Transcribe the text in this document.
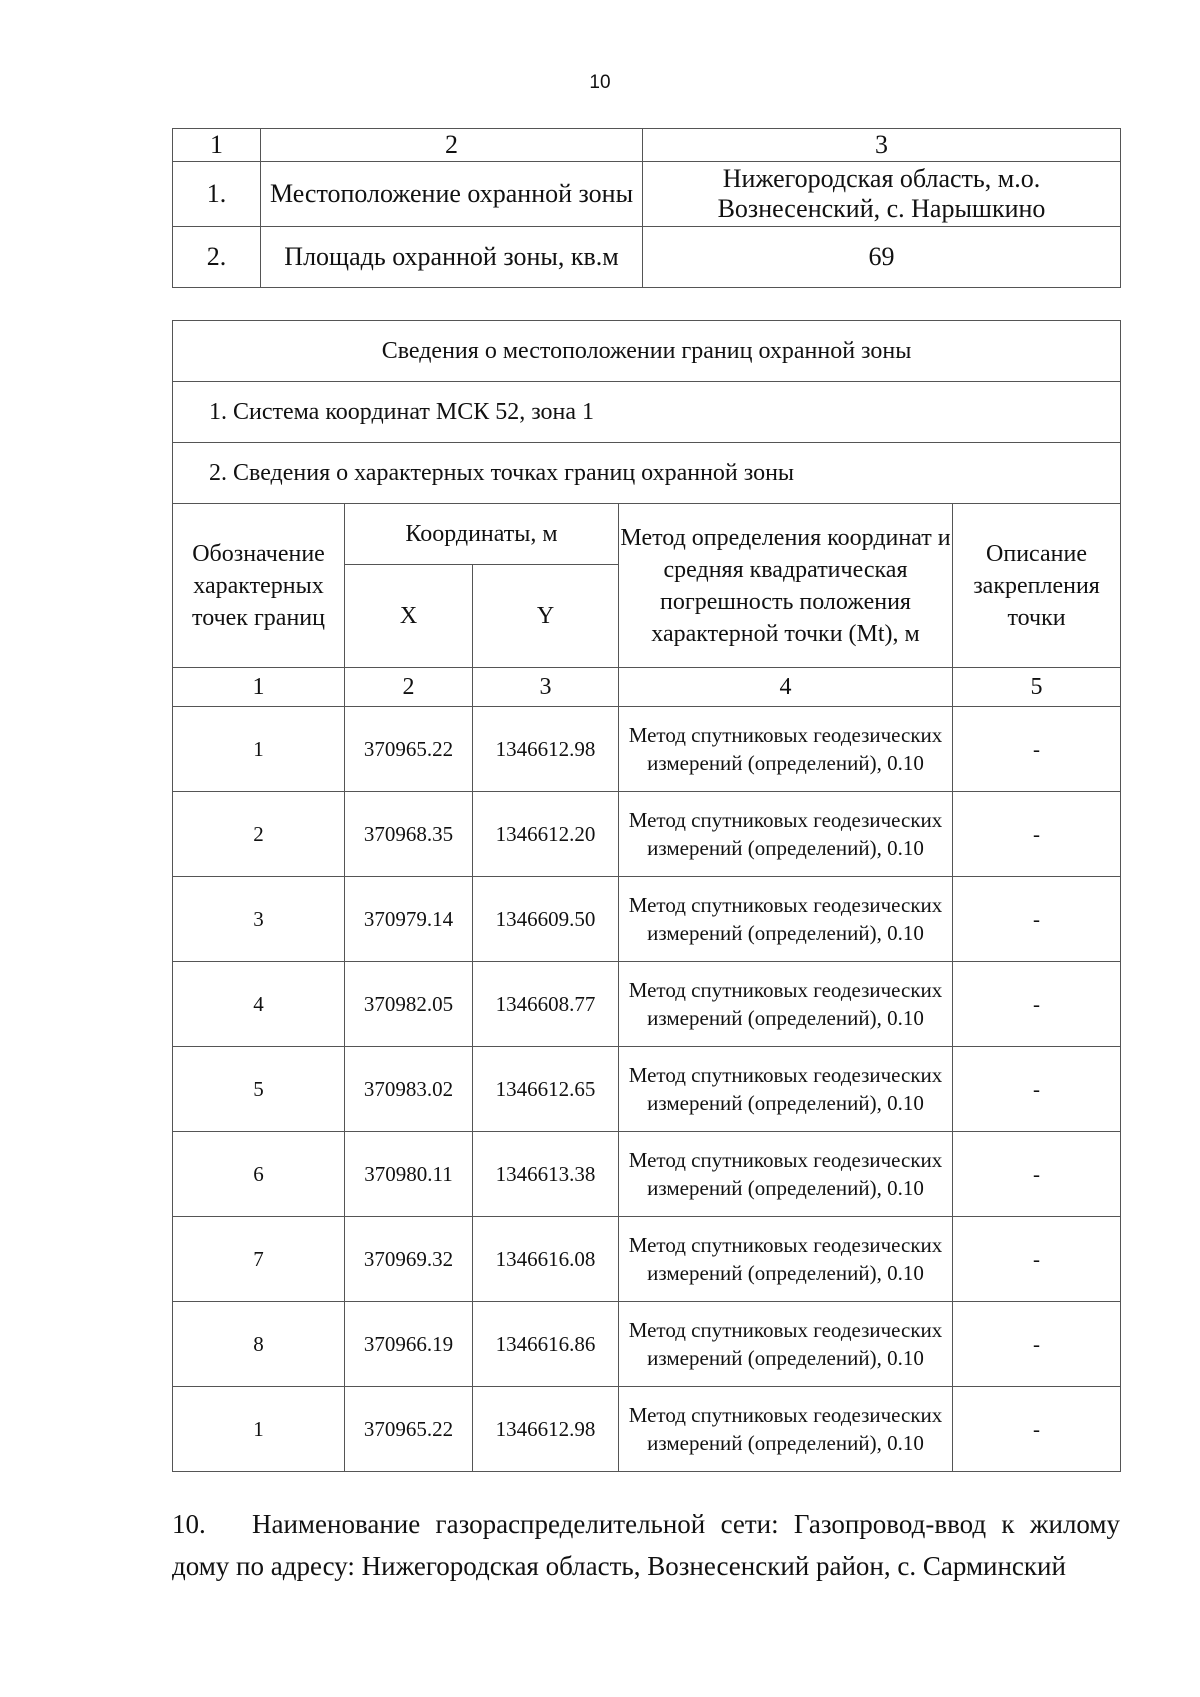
10
1	2	3
1.	Местоположение охранной зоны	Нижегородская область, м.о. Вознесенский, с. Нарышкино
2.	Площадь охранной зоны, кв.м	69
Сведения о местоположении границ охранной зоны				
1. Система координат МСК 52, зона 1				
2. Сведения о характерных точках границ охранной зоны				
Обозначение характерных точек границ	Координаты, м		Метод определения координат и средняя квадратическая погрешность положения характерной точки (Mt), м	Описание закрепления точки
	X	Y		
1	2	3	4	5
1	370965.22	1346612.98	Метод спутниковых геодезических измерений (определений), 0.10	-
2	370968.35	1346612.20	Метод спутниковых геодезических измерений (определений), 0.10	-
3	370979.14	1346609.50	Метод спутниковых геодезических измерений (определений), 0.10	-
4	370982.05	1346608.77	Метод спутниковых геодезических измерений (определений), 0.10	-
5	370983.02	1346612.65	Метод спутниковых геодезических измерений (определений), 0.10	-
6	370980.11	1346613.38	Метод спутниковых геодезических измерений (определений), 0.10	-
7	370969.32	1346616.08	Метод спутниковых геодезических измерений (определений), 0.10	-
8	370966.19	1346616.86	Метод спутниковых геодезических измерений (определений), 0.10	-
1	370965.22	1346612.98	Метод спутниковых геодезических измерений (определений), 0.10	-
10. Наименование газораспределительной сети: Газопровод-ввод к жилому дому по адресу: Нижегородская область, Вознесенский район, с. Сарминский
